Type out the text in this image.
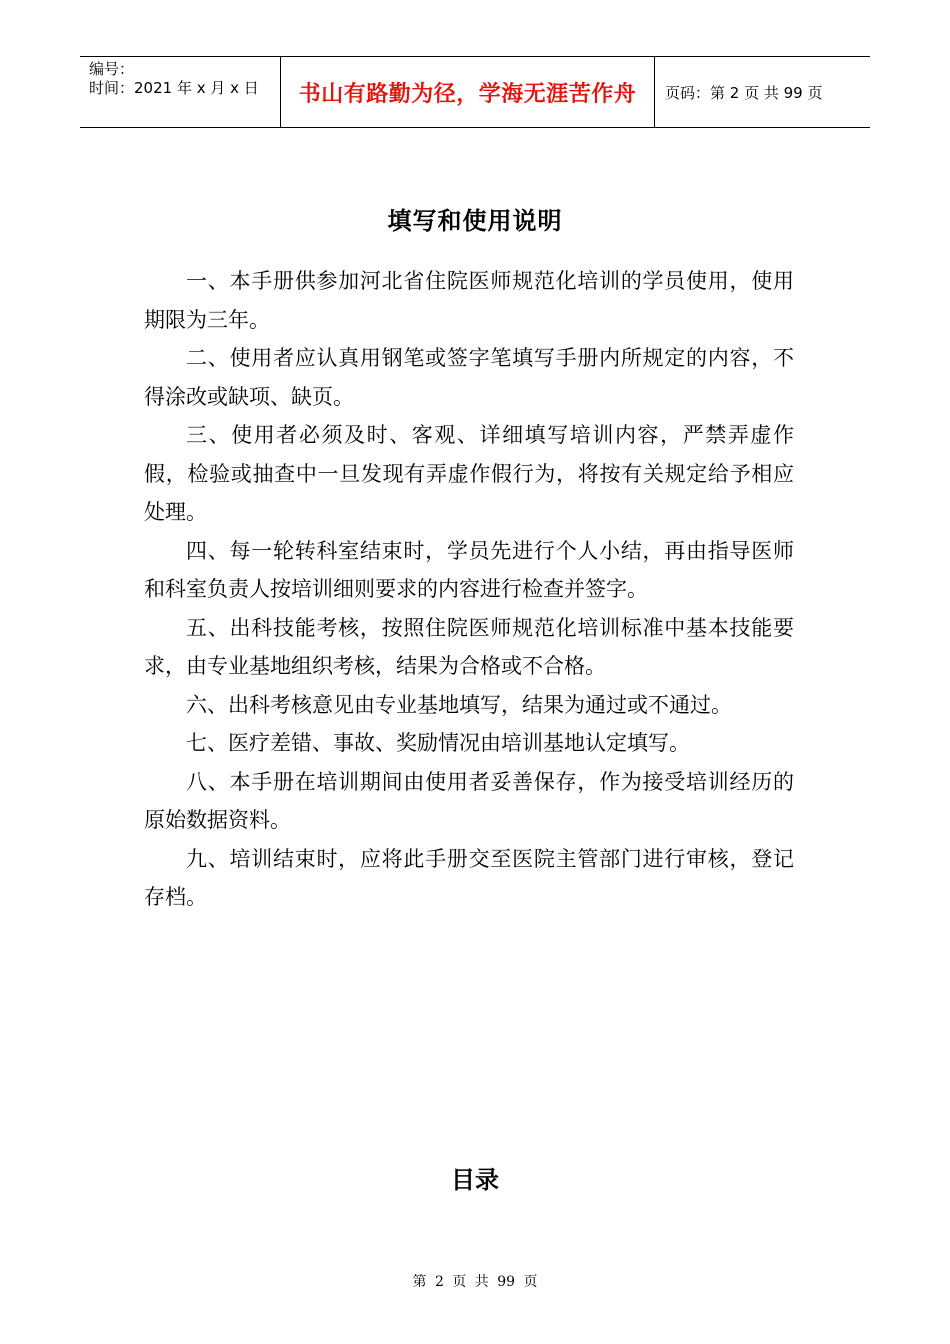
编号：
时间：2021 年 x 月 x 日	书山有路勤为径，学海无涯苦作舟	页码：第 2 页 共 99 页
填写和使用说明

一、本手册供参加河北省住院医师规范化培训的学员使用，使用期限为三年。

二、使用者应认真用钢笔或签字笔填写手册内所规定的内容，不得涂改或缺项、缺页。

三、使用者必须及时、客观、详细填写培训内容，严禁弄虚作假，检验或抽查中一旦发现有弄虚作假行为，将按有关规定给予相应处理。

四、每一轮转科室结束时，学员先进行个人小结，再由指导医师和科室负责人按培训细则要求的内容进行检查并签字。

五、出科技能考核，按照住院医师规范化培训标准中基本技能要求，由专业基地组织考核，结果为合格或不合格。

六、出科考核意见由专业基地填写，结果为通过或不通过。

七、医疗差错、事故、奖励情况由培训基地认定填写。

八、本手册在培训期间由使用者妥善保存，作为接受培训经历的原始数据资料。

九、培训结束时，应将此手册交至医院主管部门进行审核，登记存档。

目录
第 2 页 共 99 页
